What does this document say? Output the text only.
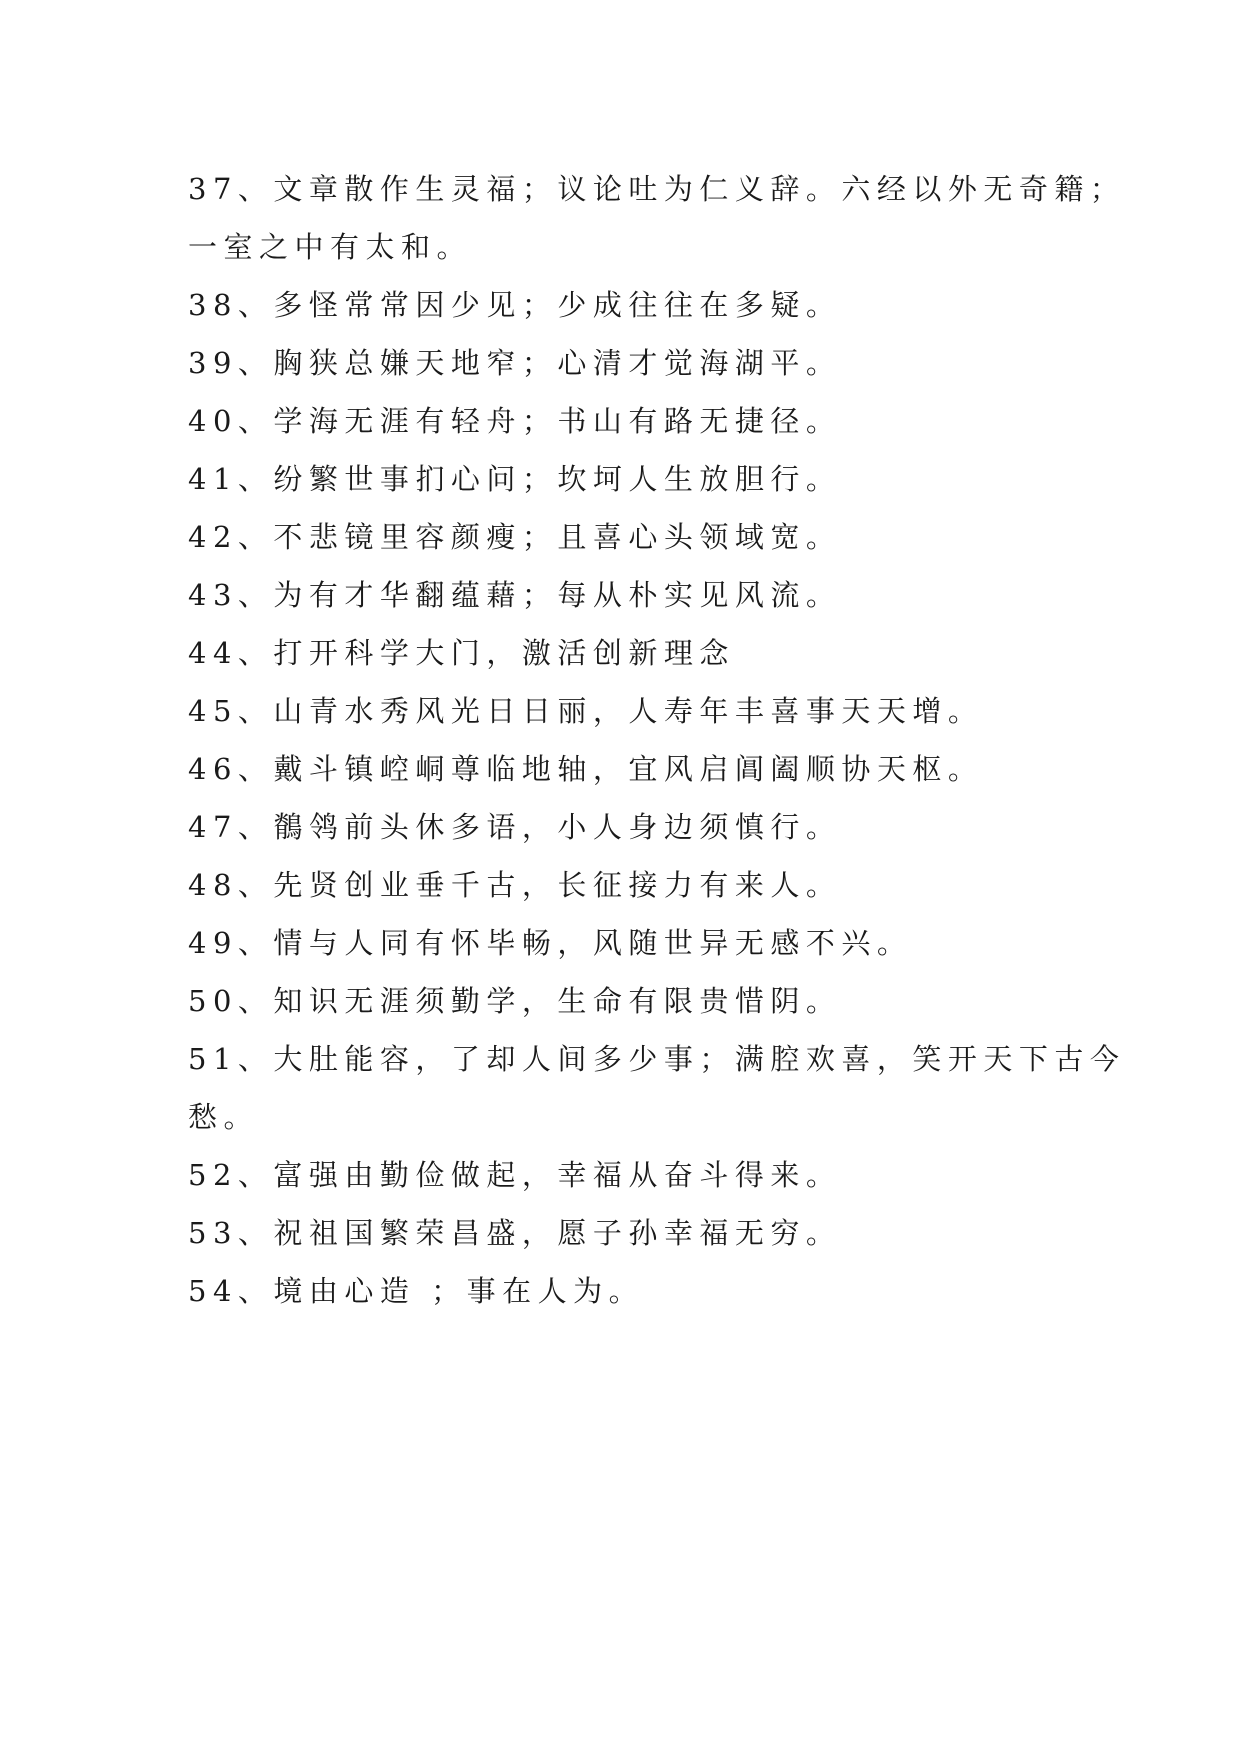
37、文章散作生灵福；议论吐为仁义辞。六经以外无奇籍；
一室之中有太和。
38、多怪常常因少见；少成往往在多疑。
39、胸狭总嫌天地窄；心清才觉海湖平。
40、学海无涯有轻舟；书山有路无捷径。
41、纷繁世事扪心问；坎坷人生放胆行。
42、不悲镜里容颜瘦；且喜心头领域宽。
43、为有才华翻蕴藉；每从朴实见风流。
44、打开科学大门，激活创新理念
45、山青水秀风光日日丽，人寿年丰喜事天天增。
46、戴斗镇崆峒尊临地轴，宜风启阊阖顺协天枢。
47、鶺鸰前头休多语，小人身边须慎行。
48、先贤创业垂千古，长征接力有来人。
49、情与人同有怀毕畅，风随世异无感不兴。
50、知识无涯须勤学，生命有限贵惜阴。
51、大肚能容，了却人间多少事；满腔欢喜，笑开天下古今
愁。
52、富强由勤俭做起，幸福从奋斗得来。
53、祝祖国繁荣昌盛，愿子孙幸福无穷。
54、境由心造 ；事在人为。
